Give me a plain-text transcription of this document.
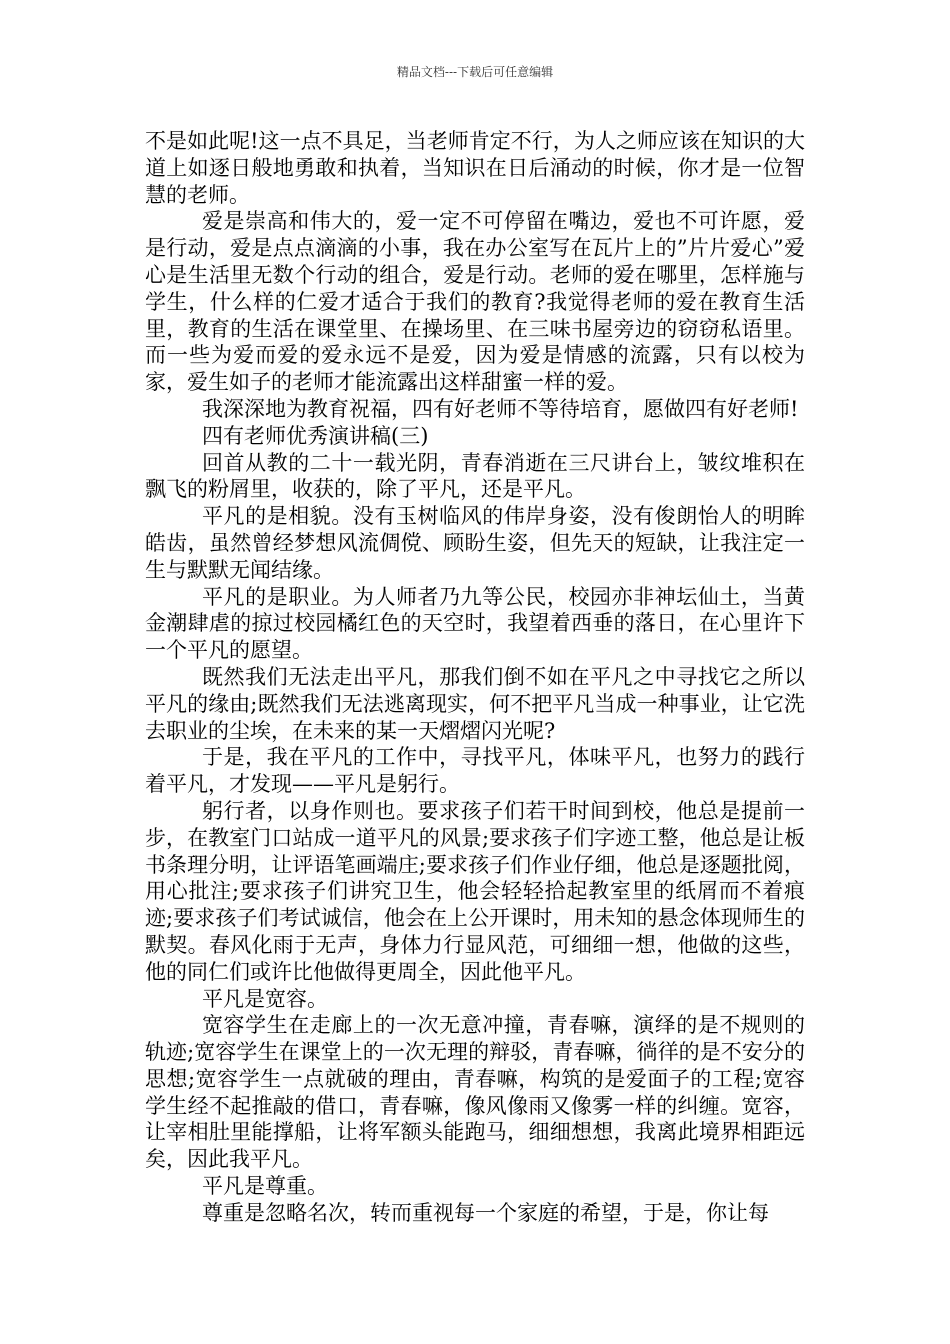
精品文档---下载后可任意编辑

不是如此呢!这一点不具足，当老师肯定不行，为人之师应该在知识的大道上如逐日般地勇敢和执着，当知识在日后涌动的时候，你才是一位智慧的老师。

爱是崇高和伟大的，爱一定不可停留在嘴边，爱也不可许愿，爱是行动，爱是点点滴滴的小事，我在办公室写在瓦片上的”片片爱心”爱心是生活里无数个行动的组合，爱是行动。老师的爱在哪里，怎样施与学生，什么样的仁爱才适合于我们的教育?我觉得老师的爱在教育生活里，教育的生活在课堂里、在操场里、在三味书屋旁边的窃窃私语里。而一些为爱而爱的爱永远不是爱，因为爱是情感的流露，只有以校为家，爱生如子的老师才能流露出这样甜蜜一样的爱。

我深深地为教育祝福，四有好老师不等待培育，愿做四有好老师!

四有老师优秀演讲稿(三)

回首从教的二十一载光阴，青春消逝在三尺讲台上，皱纹堆积在飘飞的粉屑里，收获的，除了平凡，还是平凡。

平凡的是相貌。没有玉树临风的伟岸身姿，没有俊朗怡人的明眸皓齿，虽然曾经梦想风流倜傥、顾盼生姿，但先天的短缺，让我注定一生与默默无闻结缘。

平凡的是职业。为人师者乃九等公民，校园亦非神坛仙土，当黄金潮肆虐的掠过校园橘红色的天空时，我望着西垂的落日，在心里许下一个平凡的愿望。

既然我们无法走出平凡，那我们倒不如在平凡之中寻找它之所以平凡的缘由;既然我们无法逃离现实，何不把平凡当成一种事业，让它洗去职业的尘埃，在未来的某一天熠熠闪光呢?

于是，我在平凡的工作中，寻找平凡，体味平凡，也努力的践行着平凡，才发现——平凡是躬行。

躬行者，以身作则也。要求孩子们若干时间到校，他总是提前一步，在教室门口站成一道平凡的风景;要求孩子们字迹工整，他总是让板书条理分明，让评语笔画端庄;要求孩子们作业仔细，他总是逐题批阅，用心批注;要求孩子们讲究卫生，他会轻轻拾起教室里的纸屑而不着痕迹;要求孩子们考试诚信，他会在上公开课时，用未知的悬念体现师生的默契。春风化雨于无声，身体力行显风范，可细细一想，他做的这些，他的同仁们或许比他做得更周全，因此他平凡。

平凡是宽容。

宽容学生在走廊上的一次无意冲撞，青春嘛，演绎的是不规则的轨迹;宽容学生在课堂上的一次无理的辩驳，青春嘛，徜徉的是不安分的思想;宽容学生一点就破的理由，青春嘛，构筑的是爱面子的工程;宽容学生经不起推敲的借口，青春嘛，像风像雨又像雾一样的纠缠。宽容，让宰相肚里能撑船，让将军额头能跑马，细细想想，我离此境界相距远矣，因此我平凡。

平凡是尊重。

尊重是忽略名次，转而重视每一个家庭的希望，于是，你让每
